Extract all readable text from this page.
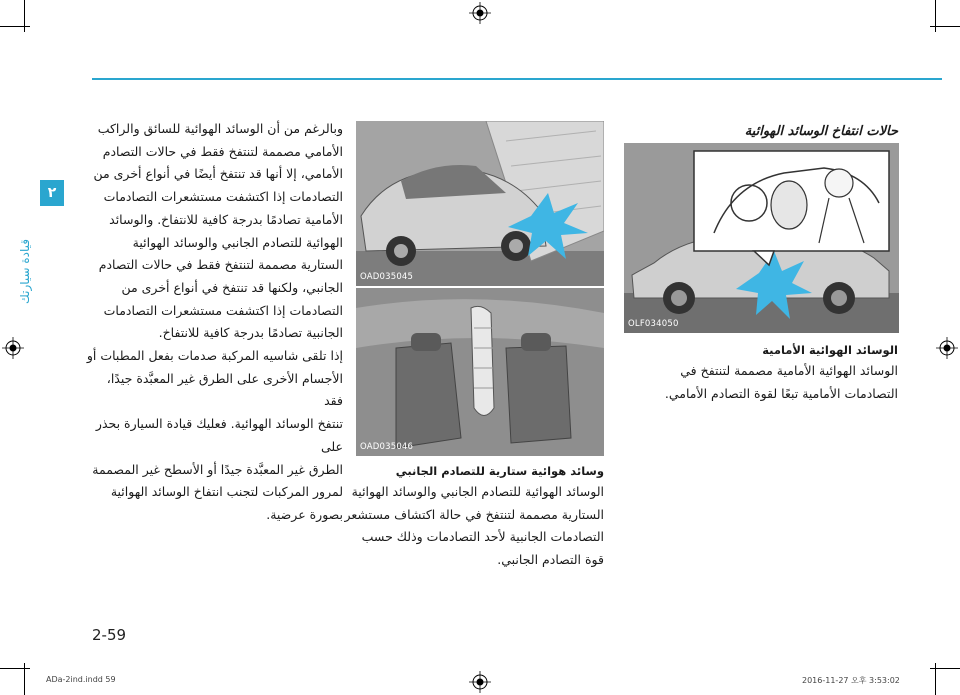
٢
قيادة سيارتك
حالات انتفاخ الوسائد الهوائية
OLF034050
الوسائد الهوائية الأمامية
الوسائد الهوائية الأمامية مصممة لتنتفخ في
التصادمات الأمامية تبعًا لقوة التصادم الأمامي.
OAD035045
OAD035046
وسائد هوائية ستارية للتصادم الجانبي
الوسائد الهوائية للتصادم الجانبي والوسائد الهوائية
الستارية مصممة لتنتفخ في حالة اكتشاف مستشعر
التصادمات الجانبية لأحد التصادمات وذلك حسب
قوة التصادم الجانبي.
وبالرغم من أن الوسائد الهوائية للسائق والراكب
الأمامي مصممة لتنتفخ فقط في حالات التصادم
الأمامي، إلا أنها قد تنتفخ أيضًا في أنواع أخرى من
التصادمات إذا اكتشفت مستشعرات التصادمات
الأمامية تصادمًا بدرجة كافية للانتفاخ. والوسائد
الهوائية للتصادم الجانبي والوسائد الهوائية
الستارية مصممة لتنتفخ فقط في حالات التصادم
الجانبي، ولكنها قد تنتفخ في أنواع أخرى من
التصادمات إذا اكتشفت مستشعرات التصادمات
الجانبية تصادمًا بدرجة كافية للانتفاخ.
إذا تلقى شاسيه المركبة صدمات بفعل المطبات أو
الأجسام الأخرى على الطرق غير المعبَّدة جيدًا، فقد
تنتفخ الوسائد الهوائية. فعليك قيادة السيارة بحذر على
الطرق غير المعبَّدة جيدًا أو الأسطح غير المصممة
لمرور المركبات لتجنب انتفاخ الوسائد الهوائية
بصورة عرضية.
2-59
ADa-2ind.indd 59	2016-11-27 오후 3:53:02
